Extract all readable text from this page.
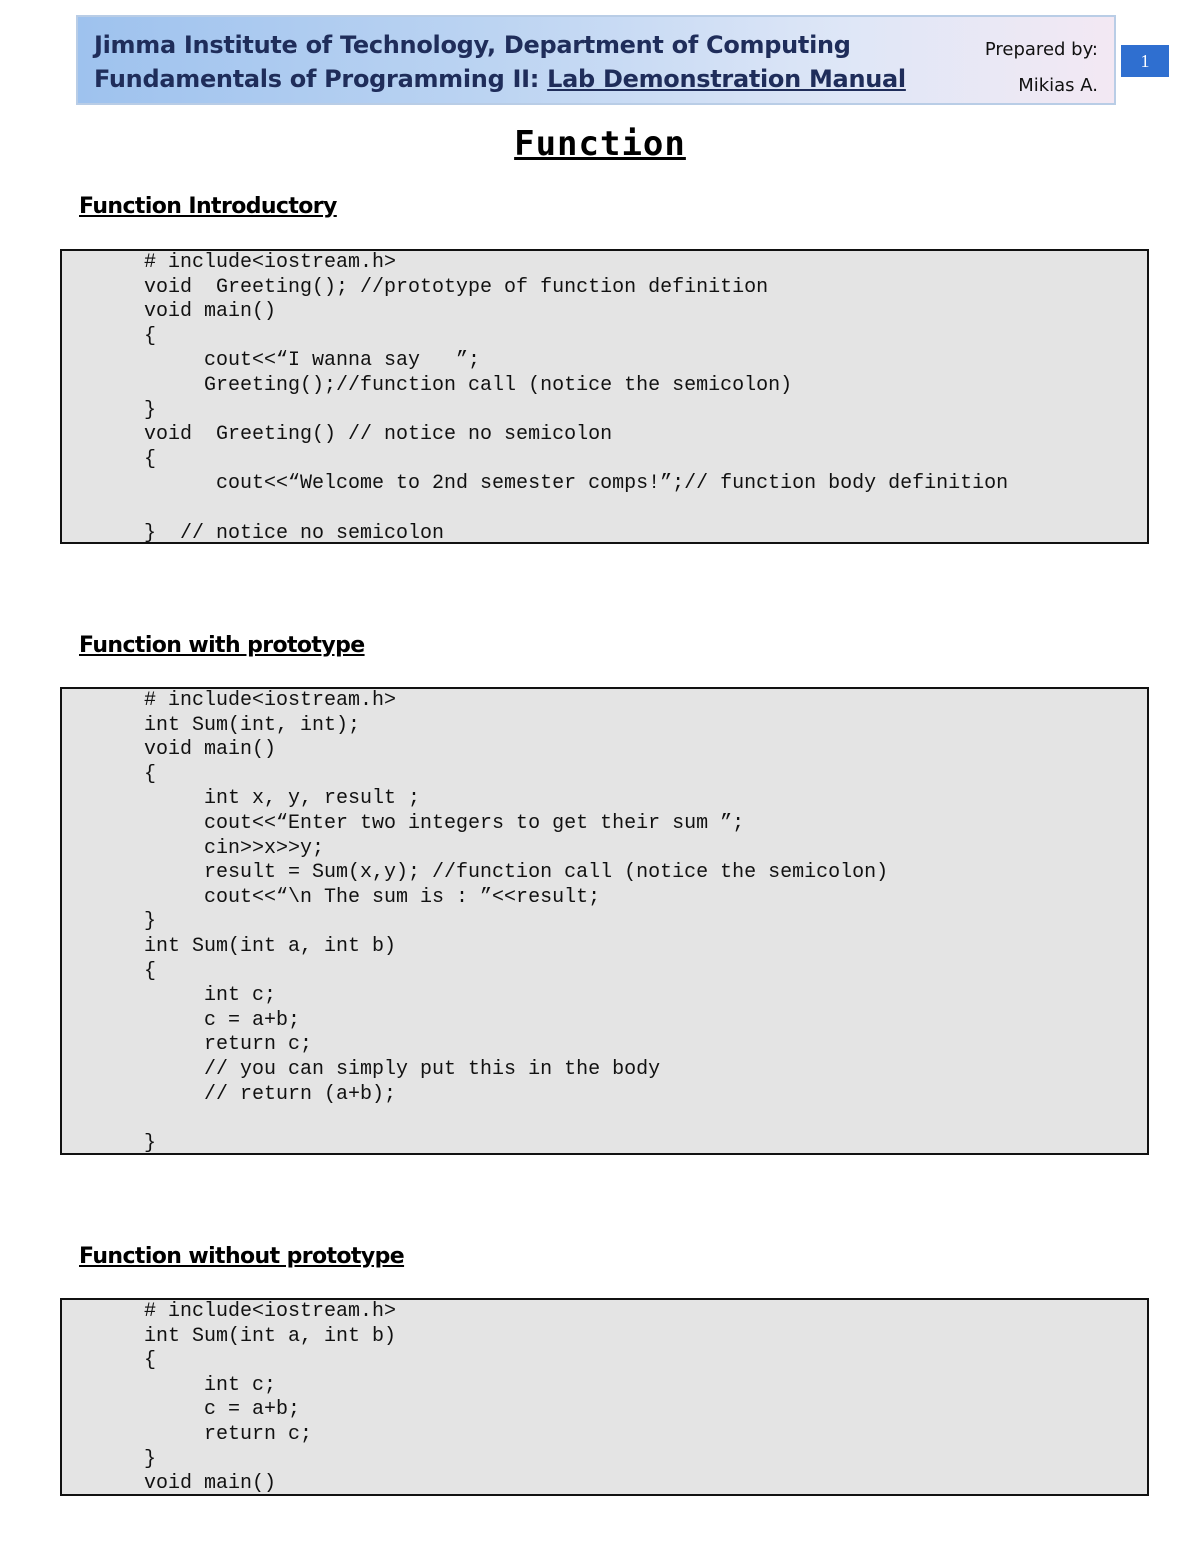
Jimma Institute of Technology, Department of Computing
Fundamentals of Programming II: Lab Demonstration Manual
Prepared by:
Mikias A.
1
Function
Function Introductory
# include<iostream.h>
void  Greeting(); //prototype of function definition
void main()
{
cout<<“I wanna say   ”;
Greeting();//function call (notice the semicolon)
}
void  Greeting() // notice no semicolon
{
cout<<“Welcome to 2nd semester comps!”;// function body definition

}  // notice no semicolon
Function with prototype
# include<iostream.h>
int Sum(int, int);
void main()
{
int x, y, result ;
cout<<“Enter two integers to get their sum ”;
cin>>x>>y;
result = Sum(x,y); //function call (notice the semicolon)
cout<<“\n The sum is : ”<<result;
}
int Sum(int a, int b)
{
int c;
c = a+b;
return c;
// you can simply put this in the body
// return (a+b);

}
Function without prototype
# include<iostream.h>
int Sum(int a, int b)
{
int c;
c = a+b;
return c;
}
void main()
